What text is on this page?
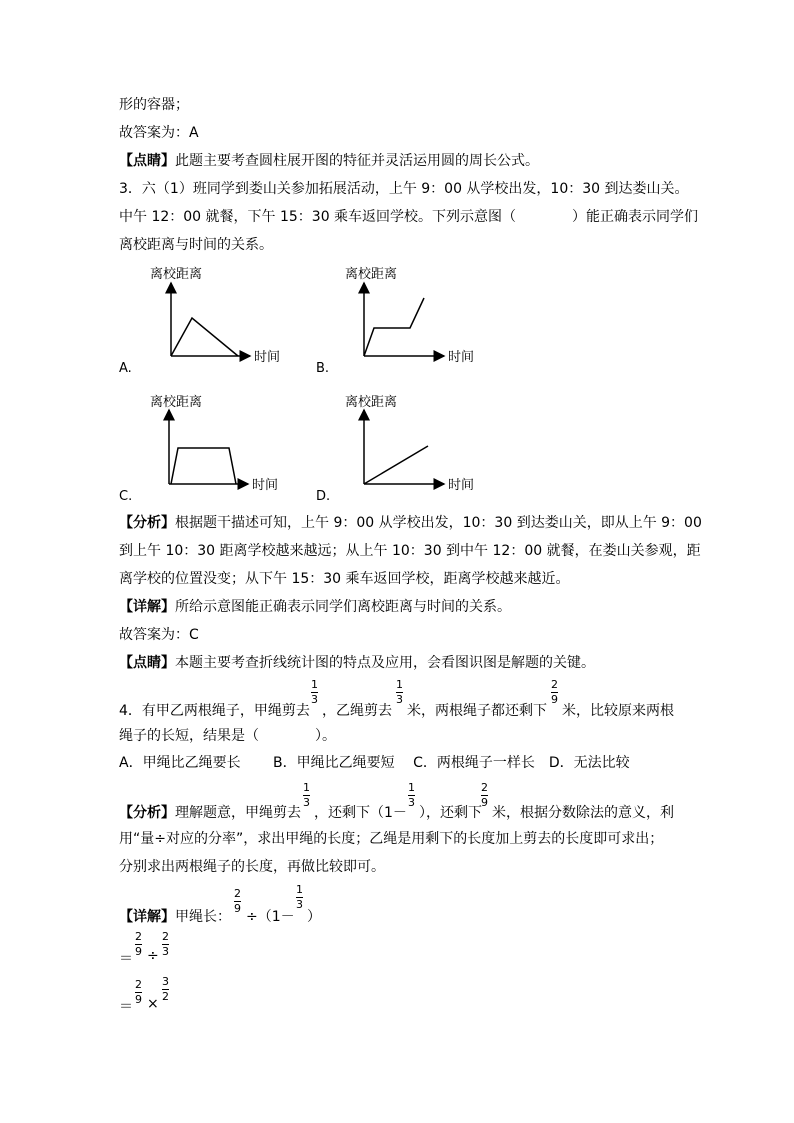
形的容器；
故答案为：A
【点睛】此题主要考查圆柱展开图的特征并灵活运用圆的周长公式。
3．六（1）班同学到娄山关参加拓展活动，上午 9：00 从学校出发，10：30 到达娄山关。
中午 12：00 就餐，下午 15：30 乘车返回学校。下列示意图（　　　　）能正确表示同学们
离校距离与时间的关系。
离校距离
时间
A.
离校距离
时间
B.
离校距离
时间
C.
离校距离
时间
D.
【分析】根据题干描述可知，上午 9：00 从学校出发，10：30 到达娄山关，即从上午 9：00
到上午 10：30 距离学校越来越远；从上午 10：30 到中午 12：00 就餐，在娄山关参观，距
离学校的位置没变；从下午 15：30 乘车返回学校，距离学校越来越近。
【详解】所给示意图能正确表示同学们离校距离与时间的关系。
故答案为：C
【点睛】本题主要考查折线统计图的特点及应用，会看图识图是解题的关键。
4．有甲乙两根绳子，甲绳剪去
1
3
，乙绳剪去
1
3
米，两根绳子都还剩下
2
9
米，比较原来两根
绳子的长短，结果是（　　　　）。
A．甲绳比乙绳要长　　 B．甲绳比乙绳要短　 C．两根绳子一样长　D．无法比较
【分析】理解题意，甲绳剪去
1
3
，还剩下（1－
1
3
），还剩下
2
9
米，根据分数除法的意义，利
用“量÷对应的分率”，求出甲绳的长度；乙绳是用剩下的长度加上剪去的长度即可求出；
分别求出两根绳子的长度，再做比较即可。
【详解】甲绳长：
2
9
÷（1－
1
3
）
＝
2
9 ÷
2
3
＝
2
9 ×
3
2
